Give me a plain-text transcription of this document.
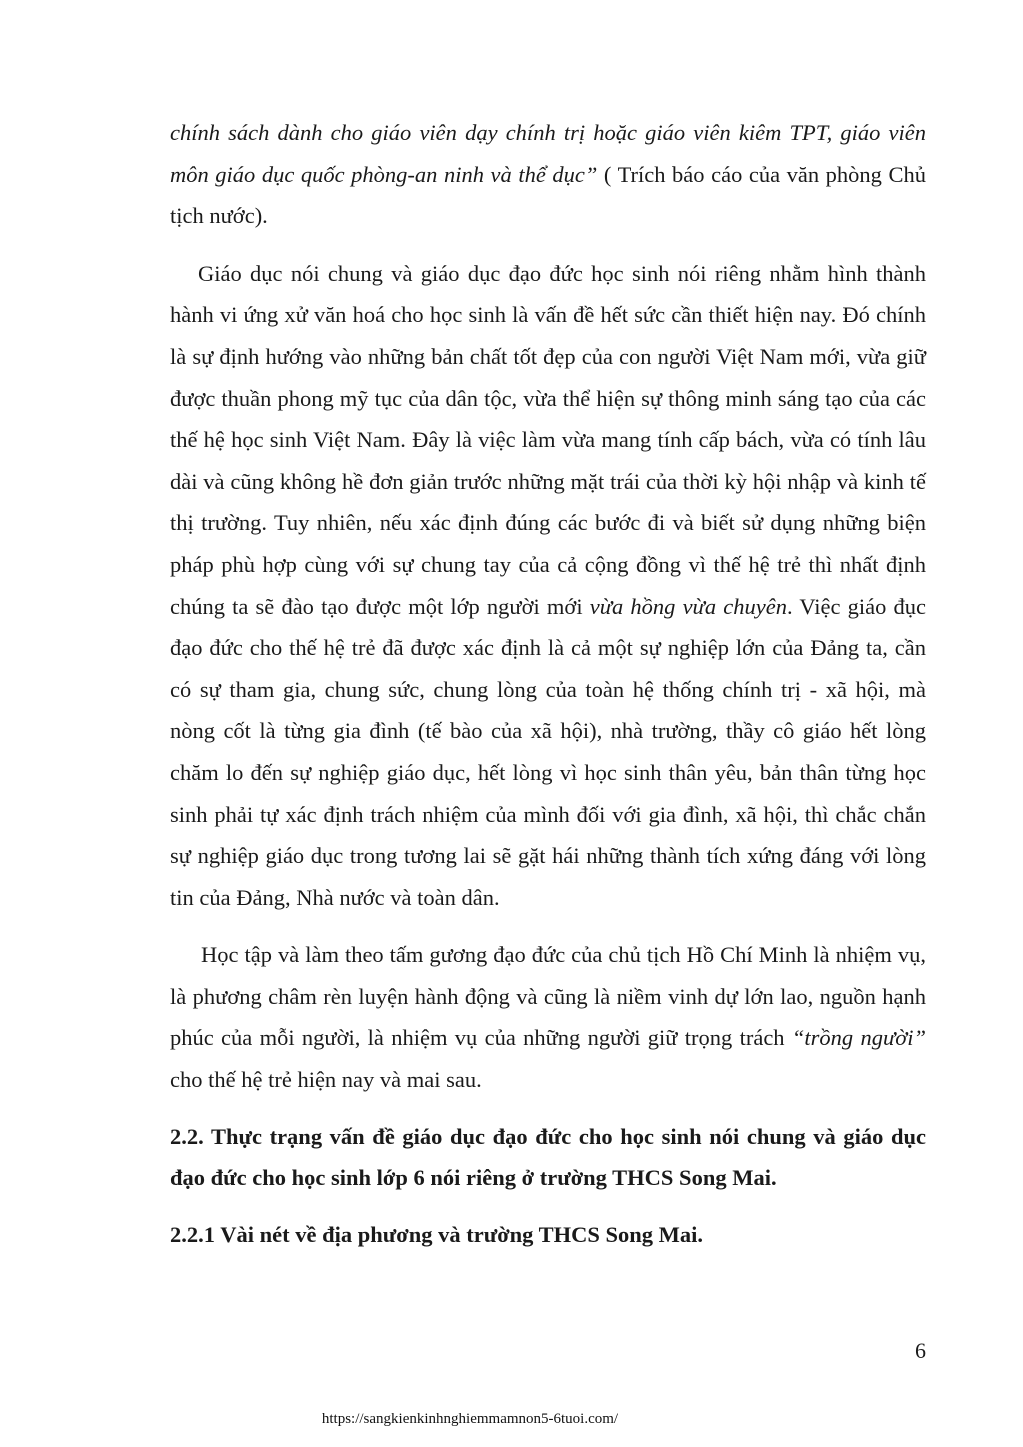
chính sách dành cho giáo viên dạy chính trị hoặc giáo viên kiêm TPT, giáo viên môn giáo dục quốc phòng-an ninh và thể dục” ( Trích báo cáo của văn phòng Chủ tịch nước).

Giáo dục nói chung và giáo dục đạo đức học sinh nói riêng nhằm hình thành hành vi ứng xử văn hoá cho học sinh là vấn đề hết sức cần thiết hiện nay. Đó chính là sự định hướng vào những bản chất tốt đẹp của con người Việt Nam mới, vừa giữ được thuần phong mỹ tục của dân tộc, vừa thể hiện sự thông minh sáng tạo của các thế hệ học sinh Việt Nam. Đây là việc làm vừa mang tính cấp bách, vừa có tính lâu dài và cũng không hề đơn giản trước những mặt trái của thời kỳ hội nhập và kinh tế thị trường. Tuy nhiên, nếu xác định đúng các bước đi và biết sử dụng những biện pháp phù hợp cùng với sự chung tay của cả cộng đồng vì thế hệ trẻ thì nhất định chúng ta sẽ đào tạo được một lớp người mới vừa hồng vừa chuyên. Việc giáo đục đạo đức cho thế hệ trẻ đã được xác định là cả một sự nghiệp lớn của Đảng ta, cần có sự tham gia, chung sức, chung lòng của toàn hệ thống chính trị - xã hội, mà nòng cốt là từng gia đình (tế bào của xã hội), nhà trường, thầy cô giáo hết lòng chăm lo đến sự nghiệp giáo dục, hết lòng vì học sinh thân yêu, bản thân từng học sinh phải tự xác định trách nhiệm của mình đối với gia đình, xã hội, thì chắc chắn sự nghiệp giáo dục trong tương lai sẽ gặt hái những thành tích xứng đáng với lòng tin của Đảng, Nhà nước và toàn dân.

Học tập và làm theo tấm gương đạo đức của chủ tịch Hồ Chí Minh là nhiệm vụ, là phương châm rèn luyện hành động và cũng là niềm vinh dự lớn lao, nguồn hạnh phúc của mỗi người, là nhiệm vụ của những người giữ trọng trách “trồng người” cho thế hệ trẻ hiện nay và mai sau.

2.2. Thực trạng vấn đề giáo dục đạo đức cho học sinh nói chung và giáo dục đạo đức cho học sinh lớp 6 nói riêng ở trường THCS Song Mai.
2.2.1 Vài nét về địa phương và trường THCS Song Mai.
6
https://sangkienkinhnghiemmamnon5-6tuoi.com/
